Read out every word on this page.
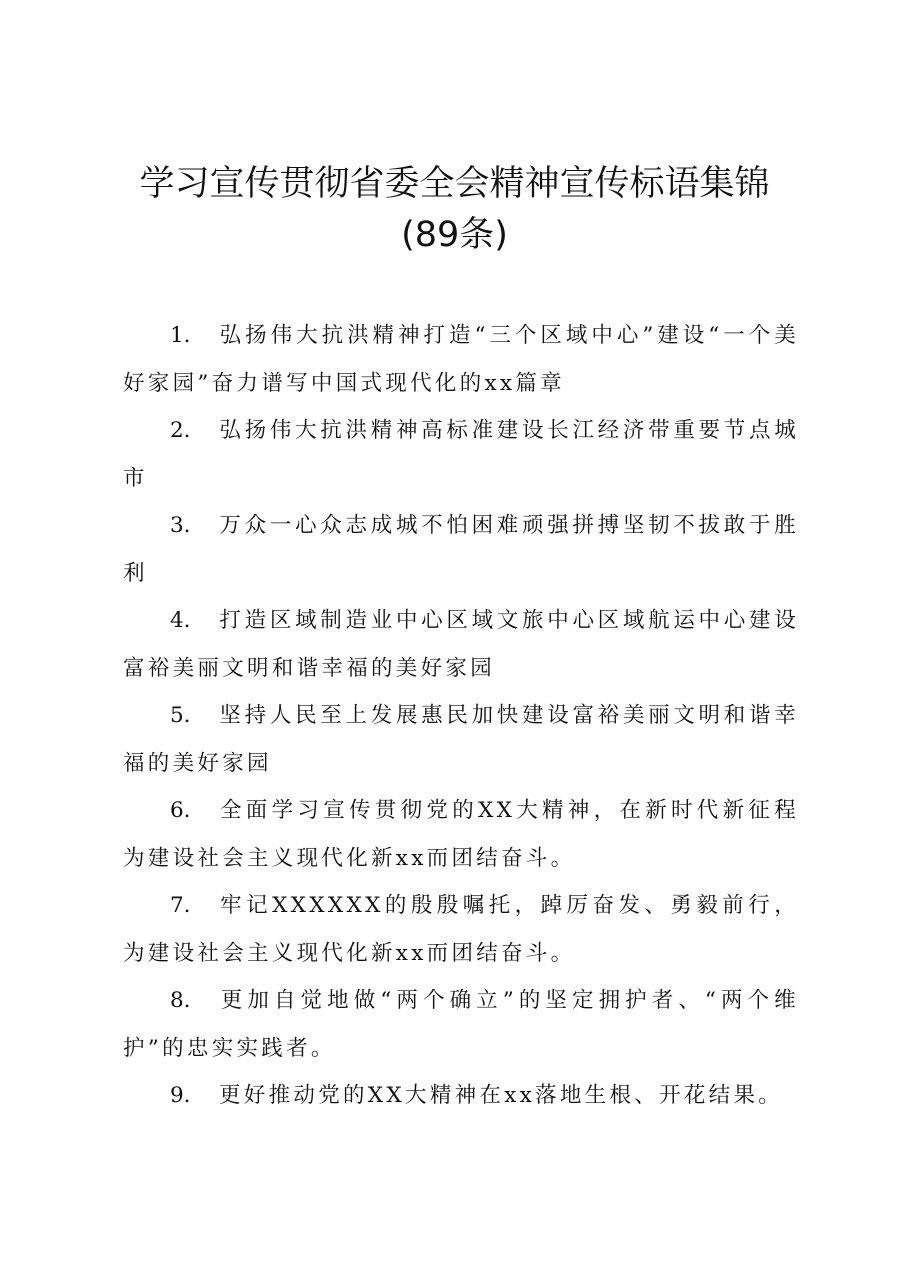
学习宣传贯彻省委全会精神宣传标语集锦
(89条)
1. 弘扬伟大抗洪精神打造“三个区域中心”建设“一个美好家园”奋力谱写中国式现代化的xx篇章
2. 弘扬伟大抗洪精神高标准建设长江经济带重要节点城市
3. 万众一心众志成城不怕困难顽强拼搏坚韧不拔敢于胜利
4. 打造区域制造业中心区域文旅中心区域航运中心建设富裕美丽文明和谐幸福的美好家园
5. 坚持人民至上发展惠民加快建设富裕美丽文明和谐幸福的美好家园
6. 全面学习宣传贯彻党的XX大精神，在新时代新征程为建设社会主义现代化新xx而团结奋斗。
7. 牢记XXXXXX的殷殷嘱托，踔厉奋发、勇毅前行，为建设社会主义现代化新xx而团结奋斗。
8. 更加自觉地做“两个确立”的坚定拥护者、“两个维护”的忠实实践者。
9. 更好推动党的XX大精神在xx落地生根、开花结果。
